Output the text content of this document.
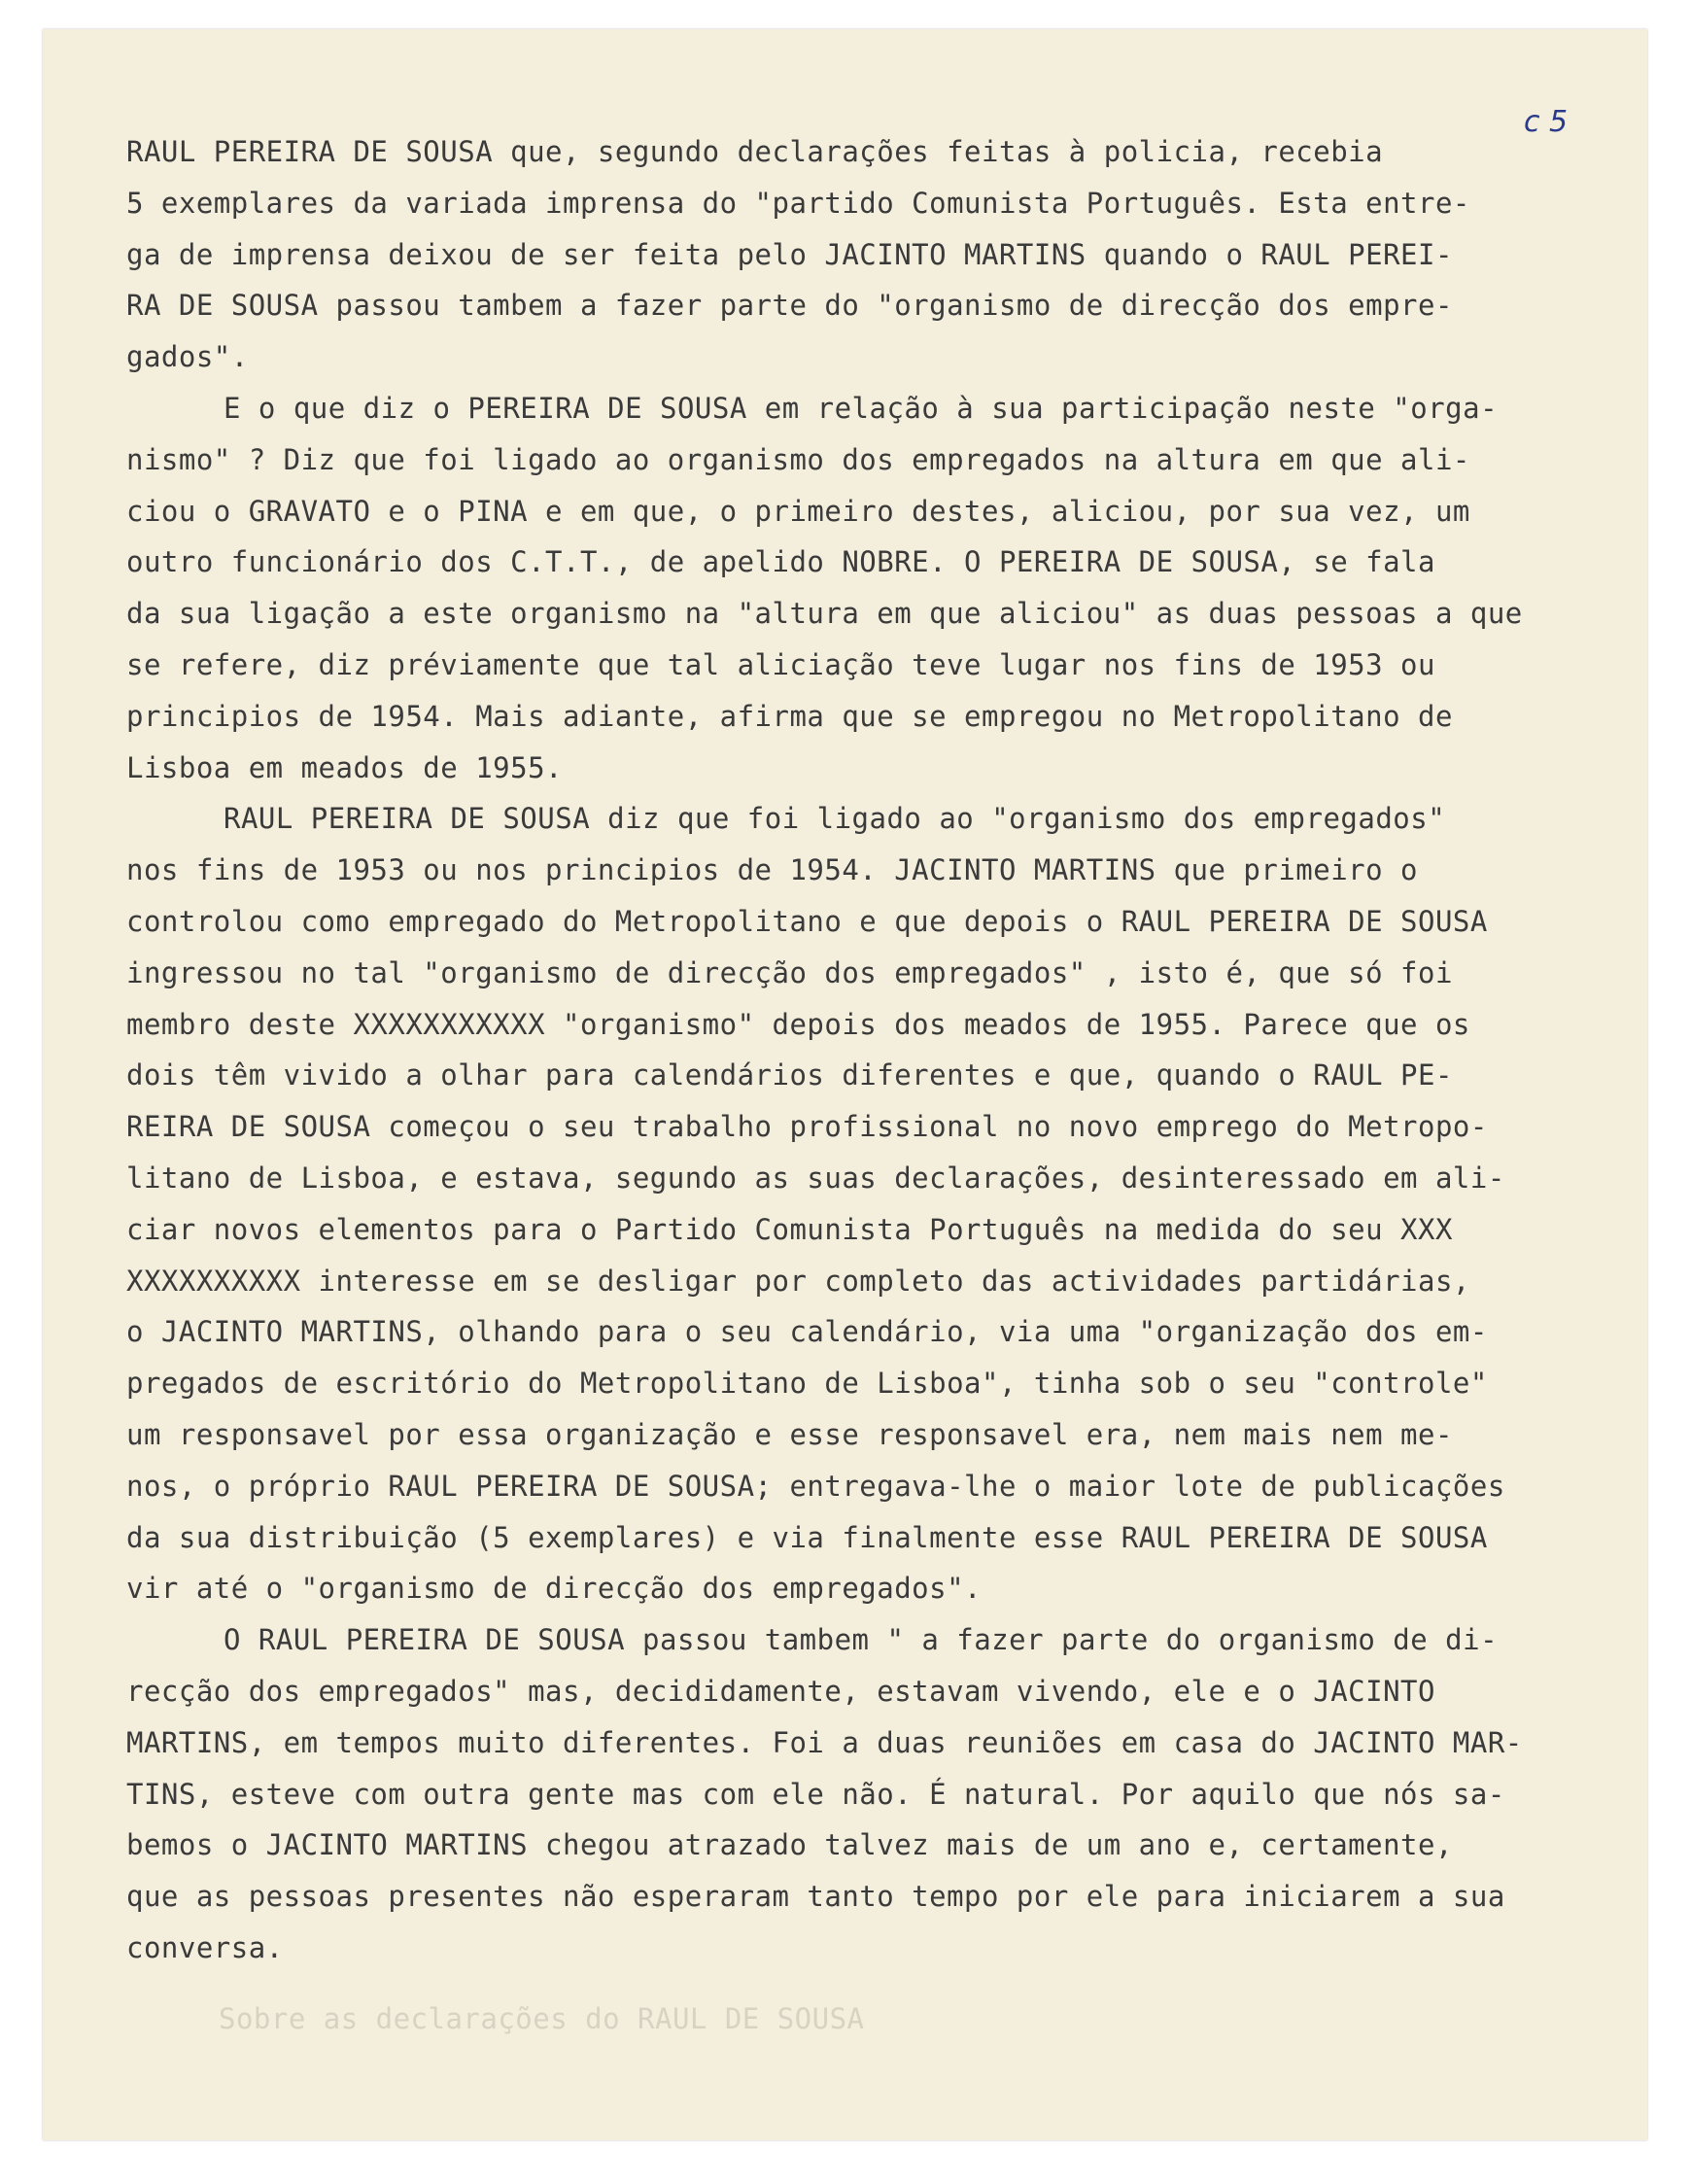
c 5
RAUL PEREIRA DE SOUSA que, segundo declarações feitas à policia, recebia
5 exemplares da variada imprensa do "partido Comunista Português. Esta entre-
ga de imprensa deixou de ser feita pelo JACINTO MARTINS quando o RAUL PEREI-
RA DE SOUSA passou tambem a fazer parte do "organismo de direcção dos empre-
gados".
E o que diz o PEREIRA DE SOUSA em relação à sua participação neste "orga-
nismo" ? Diz que foi ligado ao organismo dos empregados na altura em que ali-
ciou o GRAVATO e o PINA e em que, o primeiro destes, aliciou, por sua vez, um
outro funcionário dos C.T.T., de apelido NOBRE. O PEREIRA DE SOUSA, se fala
da sua ligação a este organismo na "altura em que aliciou" as duas pessoas a que
se refere, diz préviamente que tal aliciação teve lugar nos fins de 1953 ou
principios de 1954. Mais adiante, afirma que se empregou no Metropolitano de
Lisboa em meados de 1955.
RAUL PEREIRA DE SOUSA diz que foi ligado ao "organismo dos empregados"
nos fins de 1953 ou nos principios de 1954. JACINTO MARTINS que primeiro o
controlou como empregado do Metropolitano e que depois o RAUL PEREIRA DE SOUSA
ingressou no tal "organismo de direcção dos empregados" , isto é, que só foi
membro deste XXXXXXXXXXX "organismo" depois dos meados de 1955. Parece que os
dois têm vivido a olhar para calendários diferentes e que, quando o RAUL PE-
REIRA DE SOUSA começou o seu trabalho profissional no novo emprego do Metropo-
litano de Lisboa, e estava, segundo as suas declarações, desinteressado em ali-
ciar novos elementos para o Partido Comunista Português na medida do seu XXX
XXXXXXXXXX interesse em se desligar por completo das actividades partidárias,
o JACINTO MARTINS, olhando para o seu calendário, via uma "organização dos em-
pregados de escritório do Metropolitano de Lisboa", tinha sob o seu "controle"
um responsavel por essa organização e esse responsavel era, nem mais nem me-
nos, o próprio RAUL PEREIRA DE SOUSA; entregava-lhe o maior lote de publicações
da sua distribuição (5 exemplares) e via finalmente esse RAUL PEREIRA DE SOUSA
vir até o "organismo de direcção dos empregados".
O RAUL PEREIRA DE SOUSA passou tambem " a fazer parte do organismo de di-
recção dos empregados" mas, decididamente, estavam vivendo, ele e o JACINTO
MARTINS, em tempos muito diferentes. Foi a duas reuniões em casa do JACINTO MAR-
TINS, esteve com outra gente mas com ele não. É natural. Por aquilo que nós sa-
bemos o JACINTO MARTINS chegou atrazado talvez mais de um ano e, certamente,
que as pessoas presentes não esperaram tanto tempo por ele para iniciarem a sua
conversa.
Sobre as declarações do RAUL DE SOUSA
